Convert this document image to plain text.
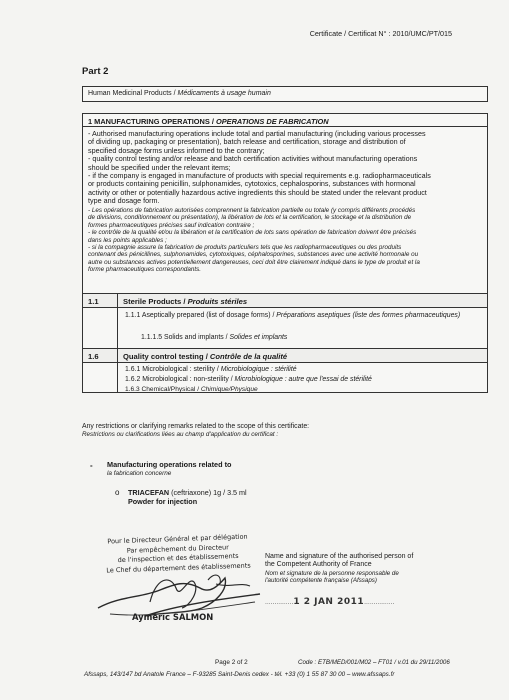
Certificate / Certificat N° : 2010/UMC/PT/015
Part 2
Human Medicinal Products / Médicaments à usage humain
1 MANUFACTURING OPERATIONS / OPERATIONS DE FABRICATION
- Authorised manufacturing operations include total and partial manufacturing (including various processes
of dividing up, packaging or presentation), batch release and certification, storage and distribution of
specified dosage forms unless informed to the contrary;
- quality control testing and/or release and batch certification activities without manufacturing operations
should be specified under the relevant items;
- if the company is engaged in manufacture of products with special requirements e.g. radiopharmaceuticals
or products containing penicillin, sulphonamides, cytotoxics, cephalosporins, substances with hormonal
activity or other or potentially hazardous active ingredients this should be stated under the relevant product
type and dosage form.
- Les opérations de fabrication autorisées comprennent la fabrication partielle ou totale (y compris différents procédés
de divisions, conditionnement ou présentation), la libération de lots et la certification, le stockage et la distribution de
formes pharmaceutiques précises sauf indication contraire ;
- le contrôle de la qualité et/ou la libération et la certification de lots sans opération de fabrication doivent être précisés
dans les points applicables ;
- si la compagnie assure la fabrication de produits particuliers tels que les radiopharmaceutiques ou des produits
contenant des pénicillines, sulphonamides, cytotoxiques, céphalosporines, substances avec une activité hormonale ou
autre ou substances actives potentiellement dangereuses, ceci doit être clairement indiqué dans le type de produit et la
forme pharmaceutiques correspondants.
1.1	Sterile Products / Produits stériles
1.1.1 Aseptically prepared (list of dosage forms) / Préparations aseptiques (liste des formes pharmaceutiques)
1.1.1.5 Solids and implants / Solides et implants
1.6	Quality control testing / Contrôle de la qualité
1.6.1 Microbiological : sterility / Microbiologique : stérilité
1.6.2 Microbiological : non-sterility / Microbiologique : autre que l'essai de stérilité
1.6.3 Chemical/Physical / Chimique/Physique
Any restrictions or clarifying remarks related to the scope of this certificate:
Restrictions ou clarifications liées au champ d'application du certificat :
- Manufacturing operations related to
la fabrication concerne
o TRIACEFAN (ceftriaxone) 1g / 3.5 ml
Powder for injection
Pour le Directeur Général et par délégation
Par empêchement du Directeur
de l'inspection et des établissements
Le Chef du département des établissements
Aymeric SALMON
Name and signature of the authorised person of
the Competent Authority of France
Nom et signature de la personne responsable de
l'autorité compétente française (Afssaps)
...............1 2 JAN 2011................
Page 2 of 2	Code : ETB/MED/001/M02 – FT01 / v.01 du 29/11/2006
Afssaps, 143/147 bd Anatole France – F-93285 Saint-Denis cedex - tél. +33 (0) 1 55 87 30 00 – www.afssaps.fr
